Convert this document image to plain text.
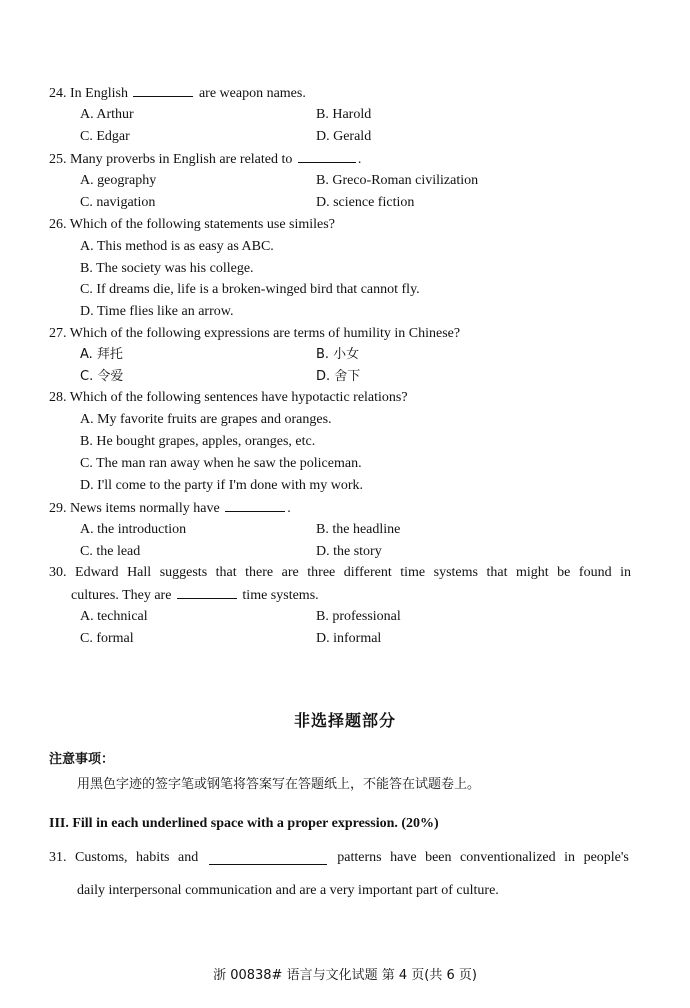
24. In English	are weapon names.
A. Arthur	B. Harold
C. Edgar	D. Gerald
25. Many proverbs in English are related to	.
A. geography	B. Greco-Roman civilization
C. navigation	D. science fiction
26. Which of the following statements use similes?
A. This method is as easy as ABC.
B. The society was his college.
C. If dreams die, life is a broken-winged bird that cannot fly.
D. Time flies like an arrow.
27. Which of the following expressions are terms of humility in Chinese?
A. 拜托	B. 小女
C. 令爱	D. 舍下
28. Which of the following sentences have hypotactic relations?
A. My favorite fruits are grapes and oranges.
B. He bought grapes, apples, oranges, etc.
C. The man ran away when he saw the policeman.
D. I'll come to the party if I'm done with my work.
29. News items normally have	.
A. the introduction	B. the headline
C. the lead	D. the story
30. Edward Hall suggests that there are three different time systems that might be found in
cultures. They are	time systems.
A. technical	B. professional
C. formal	D. informal
非选择题部分
注意事项：
用黑色字迹的签字笔或钢笔将答案写在答题纸上，不能答在试题卷上。
III. Fill in each underlined space with a proper expression. (20%)
31. Customs, habits and	patterns have been conventionalized in people's
daily interpersonal communication and are a very important part of culture.
浙 00838# 语言与文化试题 第 4 页(共 6 页)
